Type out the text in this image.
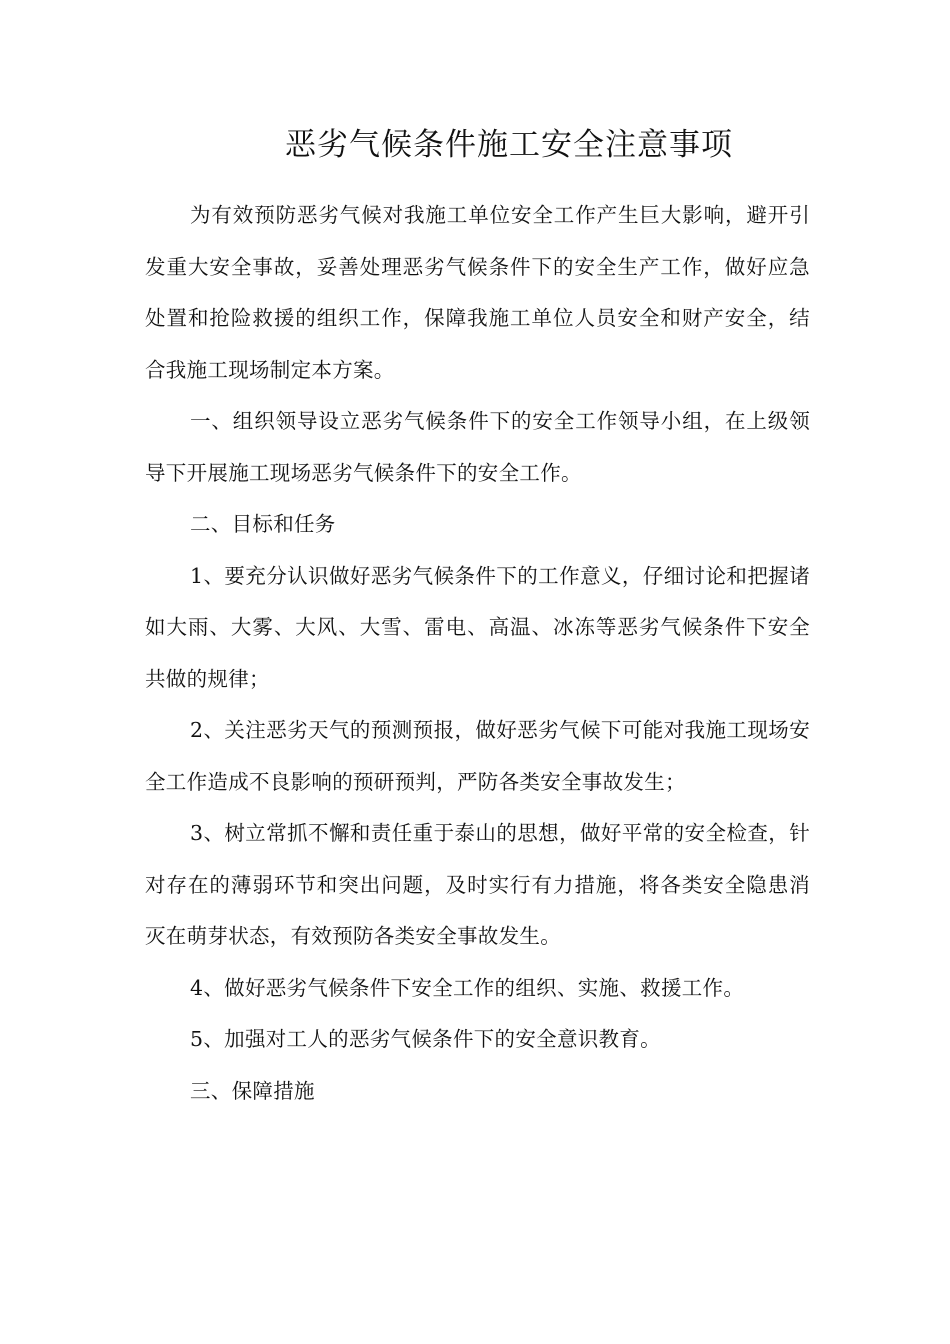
恶劣气候条件施工安全注意事项

为有效预防恶劣气候对我施工单位安全工作产生巨大影响，避开引发重大安全事故，妥善处理恶劣气候条件下的安全生产工作，做好应急处置和抢险救援的组织工作，保障我施工单位人员安全和财产安全，结合我施工现场制定本方案。

一、组织领导设立恶劣气候条件下的安全工作领导小组，在上级领导下开展施工现场恶劣气候条件下的安全工作。

二、目标和任务

1、要充分认识做好恶劣气候条件下的工作意义，仔细讨论和把握诸如大雨、大雾、大风、大雪、雷电、高温、冰冻等恶劣气候条件下安全共做的规律；

2、关注恶劣天气的预测预报，做好恶劣气候下可能对我施工现场安全工作造成不良影响的预研预判，严防各类安全事故发生；

3、树立常抓不懈和责任重于泰山的思想，做好平常的安全检查，针对存在的薄弱环节和突出问题，及时实行有力措施，将各类安全隐患消灭在萌芽状态，有效预防各类安全事故发生。

4、做好恶劣气候条件下安全工作的组织、实施、救援工作。

5、加强对工人的恶劣气候条件下的安全意识教育。

三、保障措施
